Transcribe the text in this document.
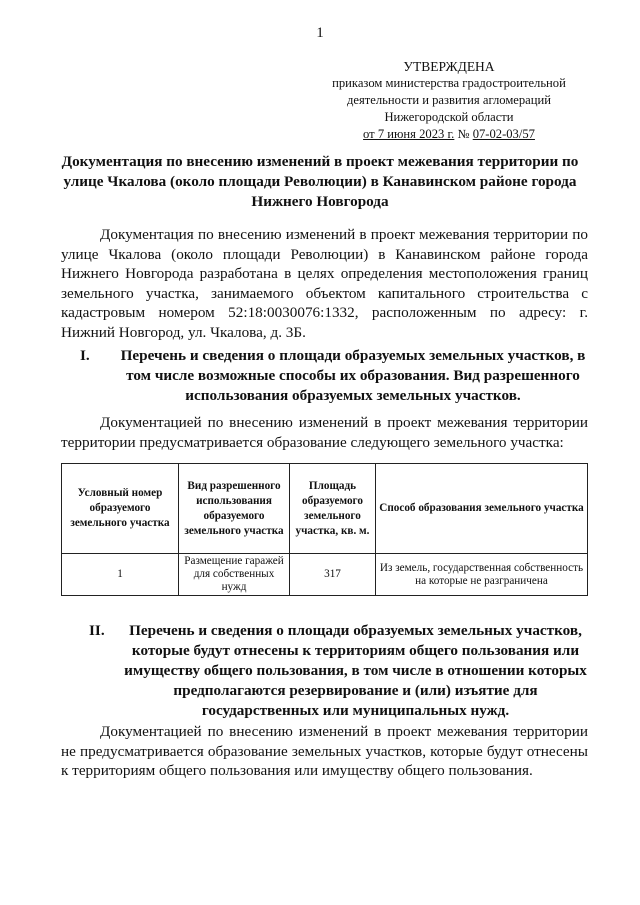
1
УТВЕРЖДЕНА
приказом министерства градостроительной
деятельности и развития агломераций
Нижегородской области
от 7 июня 2023 г. № 07-02-03/57
Документация по внесению изменений в проект межевания территории по улице Чкалова (около площади Революции) в Канавинском районе города Нижнего Новгорода

Документация по внесению изменений в проект межевания территории по улице Чкалова (около площади Революции) в Канавинском районе города Нижнего Новгорода разработана в целях определения местоположения границ земельного участка, занимаемого объектом капитального строительства с кадастровым номером 52:18:0030076:1332, расположенным по адресу: г. Нижний Новгород, ул. Чкалова, д. 3Б.

I. Перечень и сведения о площади образуемых земельных участков, в том числе возможные способы их образования. Вид разрешенного использования образуемых земельных участков.

Документацией по внесению изменений в проект межевания территории территории предусматривается образование следующего земельного участка:

Условный номер образуемого земельного участка	Вид разрешенного использования образуемого земельного участка	Площадь образуемого земельного участка, кв. м.	Способ образования земельного участка
1	Размещение гаражей для собственных нужд	317	Из земель, государственная собственность на которые не разграничена
II.	Перечень и сведения о площади образуемых земельных участков, которые будут отнесены к территориям общего пользования или имуществу общего пользования, в том числе в отношении которых предполагаются резервирование и (или) изъятие для государственных или муниципальных нужд.

Документацией по внесению изменений в проект межевания территории не предусматривается образование земельных участков, которые будут отнесены к территориям общего пользования или имуществу общего пользования.
